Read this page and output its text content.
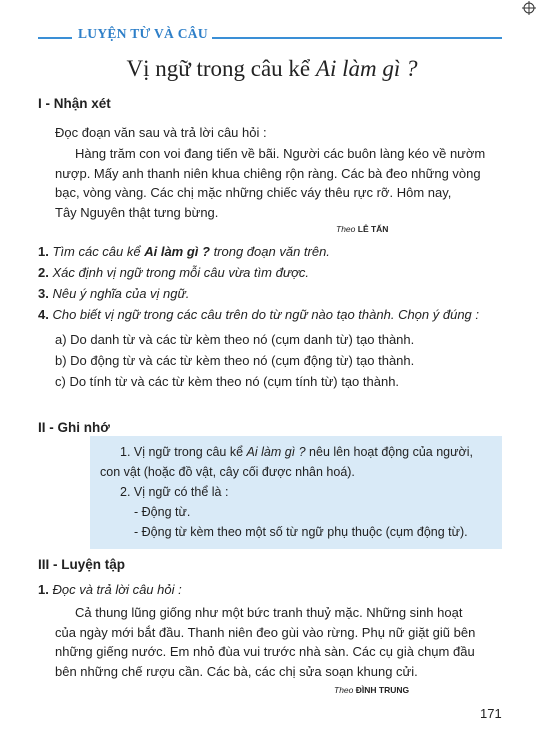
LUYỆN TỪ VÀ CÂU
Vị ngữ trong câu kể Ai làm gì ?
I - Nhận xét
Đọc đoạn văn sau và trả lời câu hỏi :
Hàng trăm con voi đang tiến về bãi. Người các buôn làng kéo về nườm
nượp. Mấy anh thanh niên khua chiêng rộn ràng. Các bà đeo những vòng
bạc, vòng vàng. Các chị mặc những chiếc váy thêu rực rỡ. Hôm nay,
Tây Nguyên thật tưng bừng.
Theo LÊ TẤN
1. Tìm các câu kể Ai làm gì ? trong đoạn văn trên.
2. Xác định vị ngữ trong mỗi câu vừa tìm được.
3. Nêu ý nghĩa của vị ngữ.
4. Cho biết vị ngữ trong các câu trên do từ ngữ nào tạo thành. Chọn ý đúng :
a) Do danh từ và các từ kèm theo nó (cụm danh từ) tạo thành.
b) Do động từ và các từ kèm theo nó (cụm động từ) tạo thành.
c) Do tính từ và các từ kèm theo nó (cụm tính từ) tạo thành.
II - Ghi nhớ
1. Vị ngữ trong câu kể Ai làm gì ? nêu lên hoạt động của người,
con vật (hoặc đồ vật, cây cối được nhân hoá).
2. Vị ngữ có thể là :
- Động từ.
- Động từ kèm theo một số từ ngữ phụ thuộc (cụm động từ).
III - Luyện tập
1. Đọc và trả lời câu hỏi :
Cả thung lũng giống như một bức tranh thuỷ mặc. Những sinh hoạt
của ngày mới bắt đầu. Thanh niên đeo gùi vào rừng. Phụ nữ giặt giũ bên
những giếng nước. Em nhỏ đùa vui trước nhà sàn. Các cụ già chụm đầu
bên những chế rượu cần. Các bà, các chị sửa soạn khung cửi.
Theo ĐÌNH TRUNG
171
